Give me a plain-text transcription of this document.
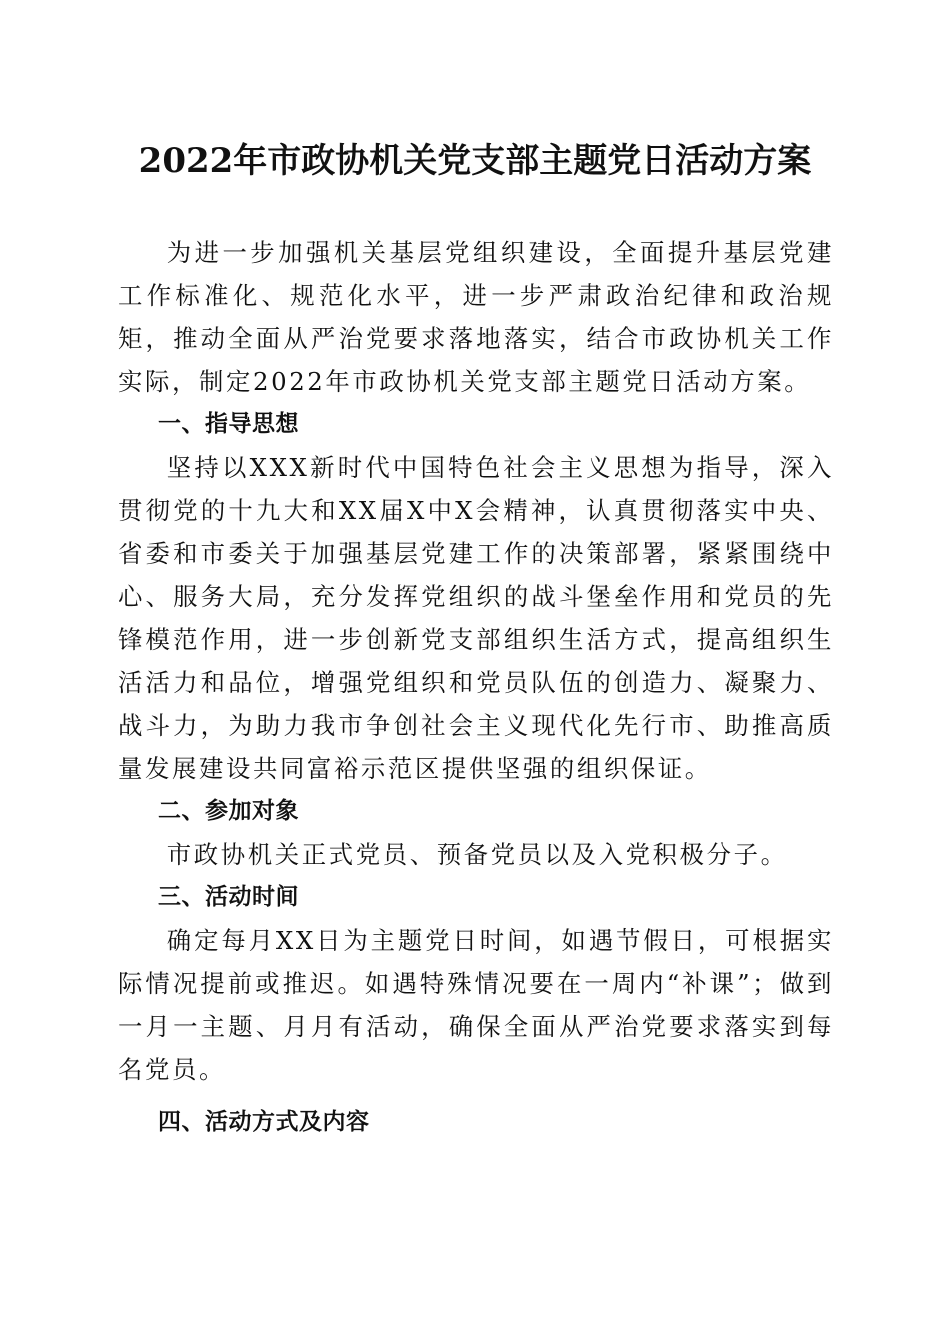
2022年市政协机关党支部主题党日活动方案

为进一步加强机关基层党组织建设，全面提升基层党建工作标准化、规范化水平，进一步严肃政治纪律和政治规矩，推动全面从严治党要求落地落实，结合市政协机关工作实际，制定2022年市政协机关党支部主题党日活动方案。

一、指导思想

坚持以XXX新时代中国特色社会主义思想为指导，深入贯彻党的十九大和XX届X中X会精神，认真贯彻落实中央、省委和市委关于加强基层党建工作的决策部署，紧紧围绕中心、服务大局，充分发挥党组织的战斗堡垒作用和党员的先锋模范作用，进一步创新党支部组织生活方式，提高组织生活活力和品位，增强党组织和党员队伍的创造力、凝聚力、战斗力，为助力我市争创社会主义现代化先行市、助推高质量发展建设共同富裕示范区提供坚强的组织保证。

二、参加对象

市政协机关正式党员、预备党员以及入党积极分子。

三、活动时间

确定每月XX日为主题党日时间，如遇节假日，可根据实际情况提前或推迟。如遇特殊情况要在一周内“补课”；做到一月一主题、月月有活动，确保全面从严治党要求落实到每名党员。

四、活动方式及内容
